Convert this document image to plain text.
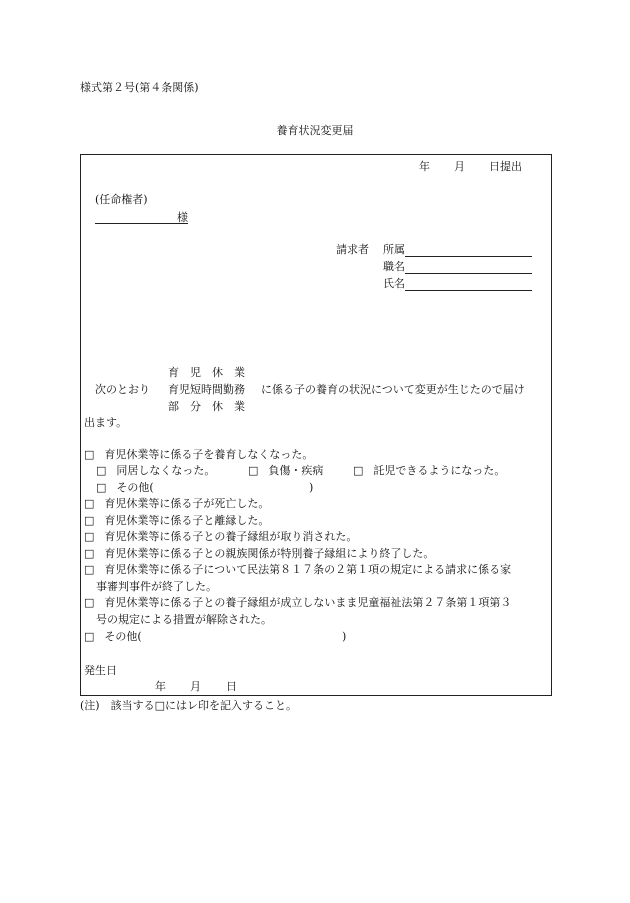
様式第２号(第４条関係)
養育状況変更届
年 月 日提出
(任命権者)
様
請求者 所属
職名
氏名
育　児　休　業
次のとおり 育児短時間勤務 に係る子の養育の状況について変更が生じたので届け
部　分　休　業
出ます。
□ 育児休業等に係る子を養育しなくなった。
□ 同居しなくなった。	□ 負傷・疾病	□ 託児できるようになった。
□ その他(	)
□ 育児休業等に係る子が死亡した。
□ 育児休業等に係る子と離縁した。
□ 育児休業等に係る子との養子縁組が取り消された。
□ 育児休業等に係る子との親族関係が特別養子縁組により終了した。
□ 育児休業等に係る子について民法第８１７条の２第１項の規定による請求に係る家
事審判事件が終了した。
□ 育児休業等に係る子との養子縁組が成立しないまま児童福祉法第２７条第１項第３
号の規定による措置が解除された。
□ その他(	)
発生日
年 月 日
(注)　該当する□にはレ印を記入すること。
